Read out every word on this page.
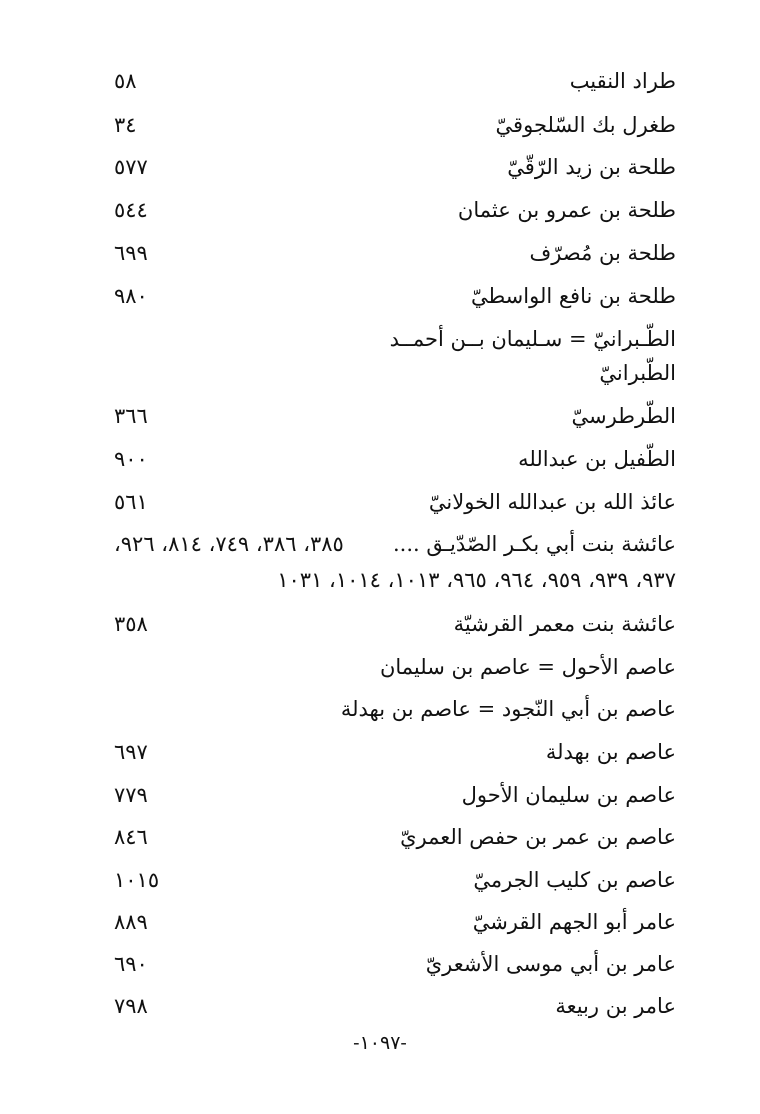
طراد النقيب
٥٨
طغرل بك السّلجوقيّ
٣٤
طلحة بن زيد الرّقّيّ
٥٧٧
طلحة بن عمرو بن عثمان
٥٤٤
طلحة بن مُصرّف
٦٩٩
طلحة بن نافع الواسطيّ
٩٨٠
الطّـبرانيّ = سـليمان بــن أحمــد
الطّبرانيّ
الطّرطرسيّ
٣٦٦
الطّفيل بن عبدالله
٩٠٠
عائذ الله بن عبدالله الخولانيّ
٥٦١
عائشة بنت أبي بكـر الصّدّيـق ....
٣٨٥، ٣٨٦، ٧٤٩، ٨١٤، ٩٢٦،
٩٣٧، ٩٣٩، ٩٥٩، ٩٦٤، ٩٦٥، ١٠١٣، ١٠١٤، ١٠٣١
عائشة بنت معمر القرشيّة
٣٥٨
عاصم الأحول = عاصم بن سليمان
عاصم بن أبي النّجود = عاصم بن بهدلة
عاصم بن بهدلة
٦٩٧
عاصم بن سليمان الأحول
٧٧٩
عاصم بن عمر بن حفص العمريّ
٨٤٦
عاصم بن كليب الجرميّ
١٠١٥
عامر أبو الجهم القرشيّ
٨٨٩
عامر بن أبي موسى الأشعريّ
٦٩٠
عامر بن ربيعة
٧٩٨
-١٠٩٧-
